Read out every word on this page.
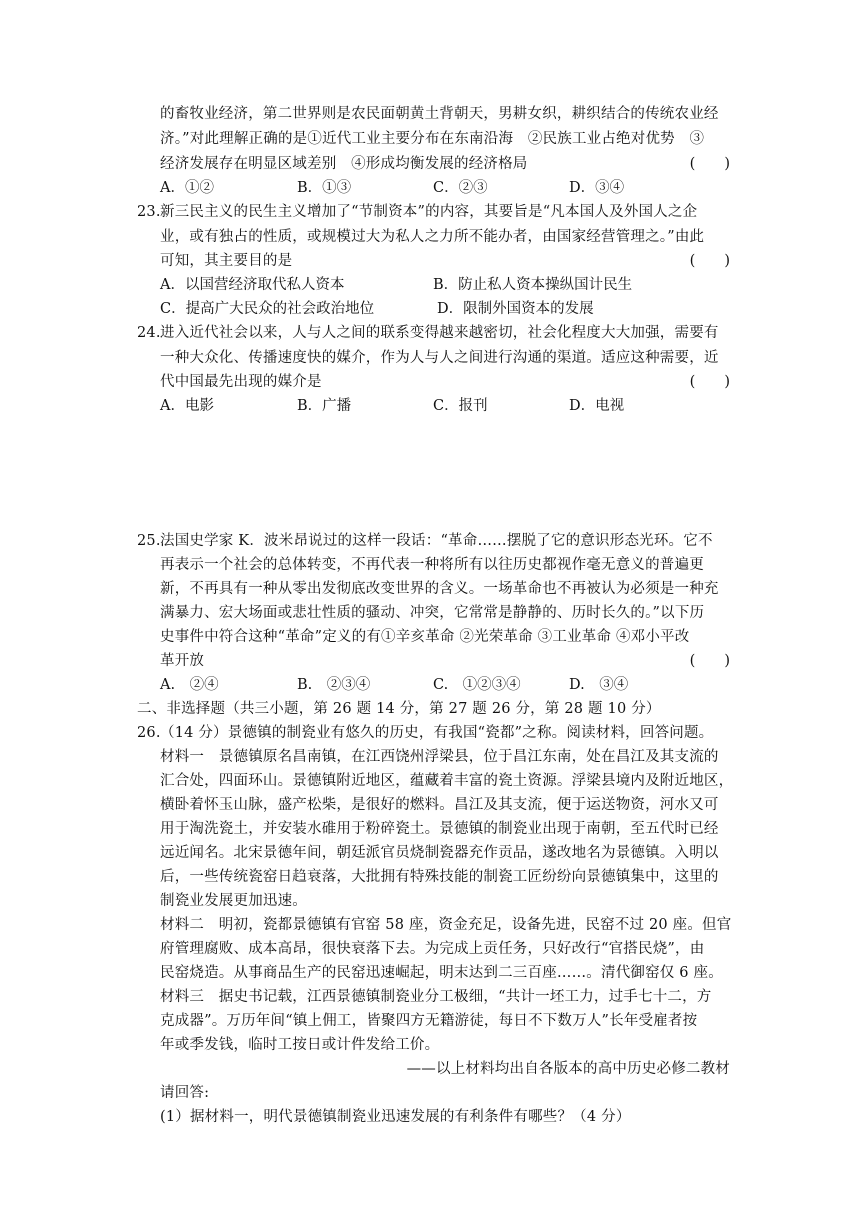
的畜牧业经济，第二世界则是农民面朝黄土背朝天，男耕女织，耕织结合的传统农业经
济。”对此理解正确的是①近代工业主要分布在东南沿海　②民族工业占绝对优势　③
经济发展存在明显区域差别　④形成均衡发展的经济格局	(　　)
A．①②	B．①③	C．②③	D．③④
23. 新三民主义的民生主义增加了“节制资本”的内容，其要旨是“凡本国人及外国人之企
业，或有独占的性质，或规模过大为私人之力所不能办者，由国家经营管理之。”由此
可知，其主要目的是	(　　)
A．以国营经济取代私人资本	B．防止私人资本操纵国计民生
C．提高广大民众的社会政治地位	D．限制外国资本的发展
24. 进入近代社会以来，人与人之间的联系变得越来越密切，社会化程度大大加强，需要有
一种大众化、传播速度快的媒介，作为人与人之间进行沟通的渠道。适应这种需要，近
代中国最先出现的媒介是	(　　)
A．电影	B．广播	C．报刊	D．电视
25. 法国史学家 K．波米昂说过的这样一段话：“革命……摆脱了它的意识形态光环。它不
再表示一个社会的总体转变，不再代表一种将所有以往历史都视作毫无意义的普遍更
新，不再具有一种从零出发彻底改变世界的含义。一场革命也不再被认为必须是一种充
满暴力、宏大场面或悲壮性质的骚动、冲突，它常常是静静的、历时长久的。”以下历
史事件中符合这种“革命”定义的有①辛亥革命 ②光荣革命 ③工业革命 ④邓小平改
革开放	(　　)
A.　②④	B.　②③④	C.　①②③④	D.　③④
二、非选择题（共三小题，第 26 题 14 分，第 27 题 26 分，第 28 题 10 分）
26. （14 分）景德镇的制瓷业有悠久的历史，有我国“瓷都”之称。阅读材料，回答问题。
材料一　景德镇原名昌南镇，在江西饶州浮梁县，位于昌江东南，处在昌江及其支流的
汇合处，四面环山。景德镇附近地区，蕴藏着丰富的瓷土资源。浮梁县境内及附近地区，
横卧着怀玉山脉，盛产松柴，是很好的燃料。昌江及其支流，便于运送物资，河水又可
用于淘洗瓷土，并安装水碓用于粉碎瓷土。景德镇的制瓷业出现于南朝，至五代时已经
远近闻名。北宋景德年间，朝廷派官员烧制瓷器充作贡品，遂改地名为景德镇。入明以
后，一些传统瓷窑日趋衰落，大批拥有特殊技能的制瓷工匠纷纷向景德镇集中，这里的
制瓷业发展更加迅速。
材料二　明初，瓷都景德镇有官窑 58 座，资金充足，设备先进，民窑不过 20 座。但官
府管理腐败、成本高昂，很快衰落下去。为完成上贡任务，只好改行“官搭民烧”，由
民窑烧造。从事商品生产的民窑迅速崛起，明末达到二三百座……。清代御窑仅 6 座。
材料三　据史书记载，江西景德镇制瓷业分工极细，“共计一坯工力，过手七十二，方
克成器”。万历年间“镇上佣工，皆聚四方无籍游徒，每日不下数万人”长年受雇者按
年或季发钱，临时工按日或计件发给工价。
——以上材料均出自各版本的高中历史必修二教材
请回答:
(1）据材料一，明代景德镇制瓷业迅速发展的有利条件有哪些？（4 分）
